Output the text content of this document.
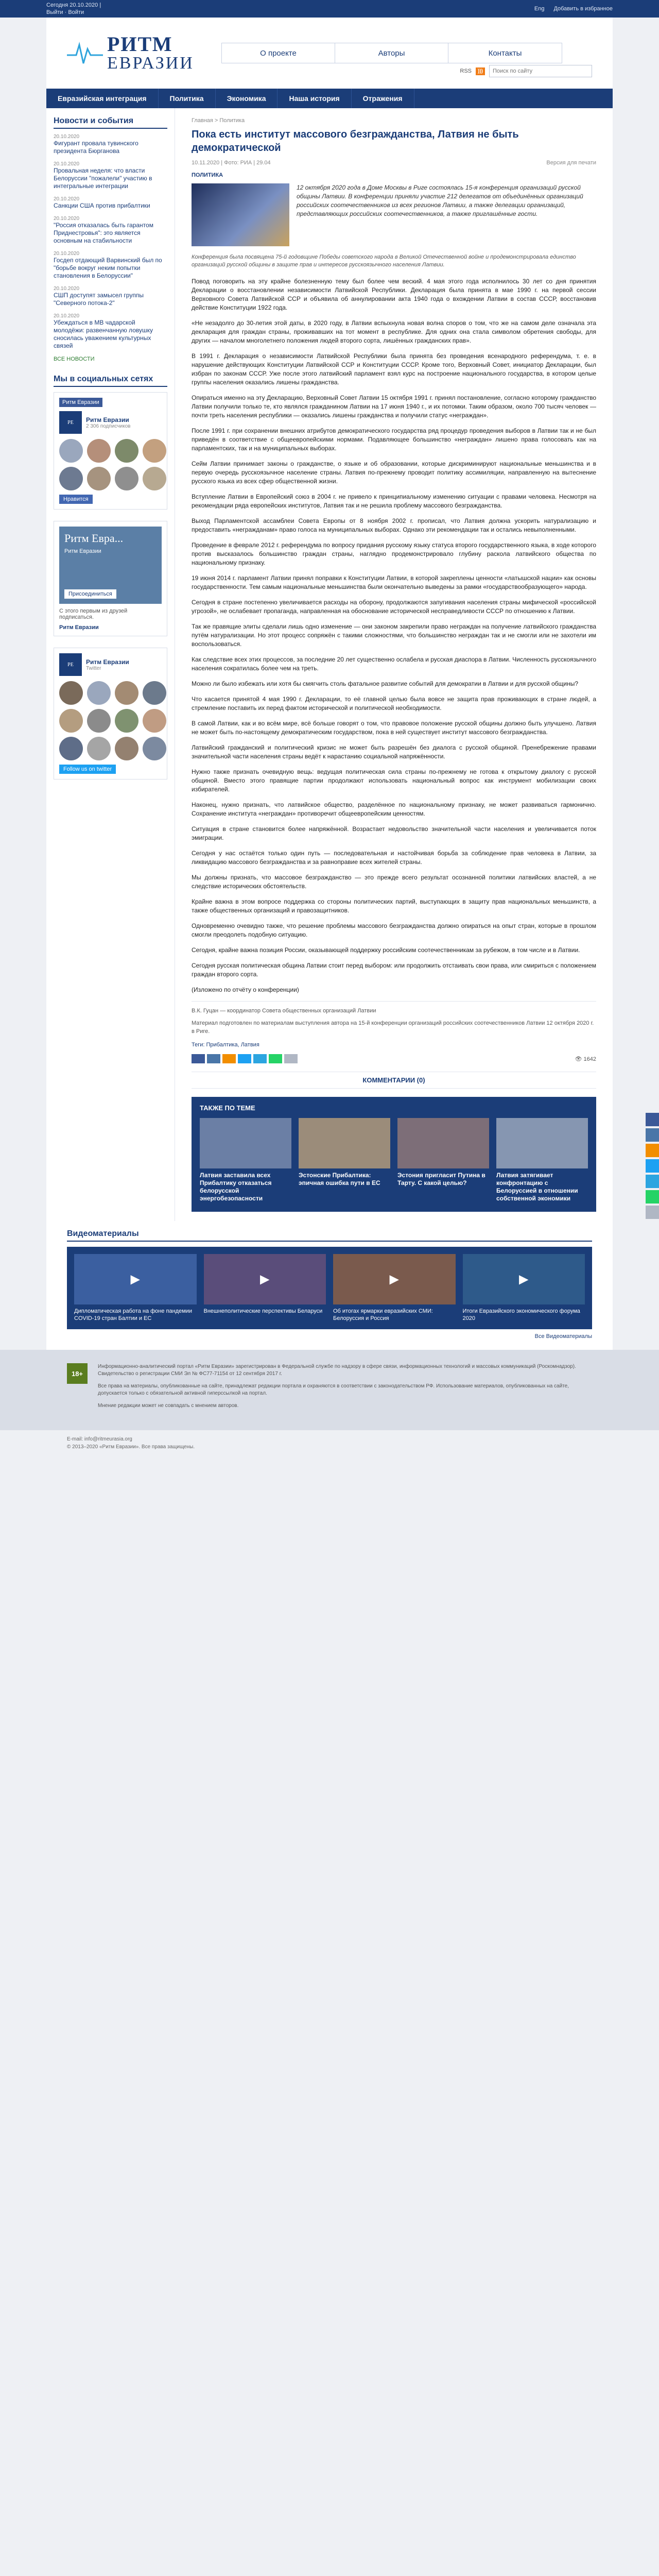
Сегодня 20.10.2020 |
Выйти · Войти
Eng Добавить в избранное
РИТМ
ЕВРАЗИИ
О проекте	Авторы	Контакты
RSS	)))
Поиск по сайту
Евразийская интеграция	Политика	Экономика	Наша история	Отражения
Новости и события
20.10.2020
Фигурант провала тувинского президента Бюрганова
20.10.2020
Провальная неделя: что власти Белоруссии "пожалели" участию в интегральные интеграции
20.10.2020
Санкции США против прибалтики
20.10.2020
"Россия отказалась быть гарантом Приднестровья": это является основным на стабильности
20.10.2020
Госдеп отдающий Варвинский был по "борьбе вокруг неким попытки становления в Белоруссии"
20.10.2020
СШП доступят замысел группы "Северного потока-2"
20.10.2020
Убеждаться в МВ чадарской молодёжи: развенчанную ловушку сносилась уважением культурных связей
ВСЕ НОВОСТИ
Мы в социальных сетях
Ритм Евразии
РЕ	Ритм Евразии
2 306 подписчиков
Нравится
Ритм Евра...
Ритм Евразии
Присоединиться
С этого первым из друзей подписаться.
Ритм Евразии
РЕ	Ритм Евразии
Twitter
Follow us on twitter
Главная > Политика
Пока есть институт массового безгражданства, Латвия не быть демократической
10.11.2020 | Фото: РИА | 29.04	Версия для печати
ПОЛИТИКА

12 октября 2020 года в Доме Москвы в Риге состоялась 15-я конференция организаций русской общины Латвии. В конференции приняли участие 212 делегатов от объединённых организаций российских соотечественников из всех регионов Латвии, а также делегации организаций, представляющих российских соотечественников, а также приглашённые гости.

Конференция была посвящена 75-й годовщине Победы советского народа в Великой Отечественной войне и продемонстрировала единство организаций русской общины в защите прав и интересов русскоязычного населения Латвии.

Повод поговорить на эту крайне болезненную тему был более чем веский. 4 мая этого года исполнилось 30 лет со дня принятия Декларации о восстановлении независимости Латвийской Республики. Декларация была принята в мае 1990 г. на первой сессии Верховного Совета Латвийской ССР и объявила об аннулировании акта 1940 года о вхождении Латвии в состав СССР, восстановив действие Конституции 1922 года.

«Не незадолго до 30-летия этой даты, в 2020 году, в Латвии вспыхнула новая волна споров о том, что же на самом деле означала эта декларация для граждан страны, проживавших на тот момент в республике. Для одних она стала символом обретения свободы, для других — началом многолетнего положения людей второго сорта, лишённых гражданских прав».

В 1991 г. Декларация о независимости Латвийской Республики была принята без проведения всенародного референдума, т. е. в нарушение действующих Конституции Латвийской ССР и Конституции СССР. Кроме того, Верховный Совет, инициатор Декларации, был избран по законам СССР. Уже после этого латвийский парламент взял курс на построение национального государства, в котором целые группы населения оказались лишены гражданства.

Опираться именно на эту Декларацию, Верховный Совет Латвии 15 октября 1991 г. принял постановление, согласно которому гражданство Латвии получили только те, кто являлся гражданином Латвии на 17 июня 1940 г., и их потомки. Таким образом, около 700 тысяч человек — почти треть населения республики — оказались лишены гражданства и получили статус «неграждан».

После 1991 г. при сохранении внешних атрибутов демократического государства ряд процедур проведения выборов в Латвии так и не был приведён в соответствие с общеевропейскими нормами. Подавляющее большинство «неграждан» лишено права голосовать как на парламентских, так и на муниципальных выборах.

Сейм Латвии принимает законы о гражданстве, о языке и об образовании, которые дискриминируют национальные меньшинства и в первую очередь русскоязычное население страны. Латвия по-прежнему проводит политику ассимиляции, направленную на вытеснение русского языка из всех сфер общественной жизни.

Вступление Латвии в Европейский союз в 2004 г. не привело к принципиальному изменению ситуации с правами человека. Несмотря на рекомендации ряда европейских институтов, Латвия так и не решила проблему массового безгражданства.

Выход Парламентской ассамблеи Совета Европы от 8 ноября 2002 г. прописал, что Латвия должна ускорить натурализацию и предоставить «негражданам» право голоса на муниципальных выборах. Однако эти рекомендации так и остались невыполненными.

Проведение в феврале 2012 г. референдума по вопросу придания русскому языку статуса второго государственного языка, в ходе которого против высказалось большинство граждан страны, наглядно продемонстрировало глубину раскола латвийского общества по национальному признаку.

19 июня 2014 г. парламент Латвии принял поправки к Конституции Латвии, в которой закреплены ценности «латышской нации» как основы государственности. Тем самым национальные меньшинства были окончательно выведены за рамки «государствообразующего» народа.

Сегодня в стране постепенно увеличивается расходы на оборону, продолжаются запугивания населения страны мифической «российской угрозой», не ослабевает пропаганда, направленная на обоснование исторической несправедливости СССР по отношению к Латвии.

Так же правящие элиты сделали лишь одно изменение — они законом закрепили право неграждан на получение латвийского гражданства путём натурализации. Но этот процесс сопряжён с такими сложностями, что большинство неграждан так и не смогли или не захотели им воспользоваться.

Как следствие всех этих процессов, за последние 20 лет существенно ослабела и русская диаспора в Латвии. Численность русскоязычного населения сократилась более чем на треть.

Можно ли было избежать или хотя бы смягчить столь фатальное развитие событий для демократии в Латвии и для русской общины?

Что касается принятой 4 мая 1990 г. Декларации, то её главной целью была вовсе не защита прав проживающих в стране людей, а стремление поставить их перед фактом исторической и политической необходимости.

В самой Латвии, как и во всём мире, всё больше говорят о том, что правовое положение русской общины должно быть улучшено. Латвия не может быть по-настоящему демократическим государством, пока в ней существует институт массового безгражданства.

Латвийский гражданский и политический кризис не может быть разрешён без диалога с русской общиной. Пренебрежение правами значительной части населения страны ведёт к нарастанию социальной напряжённости.

Нужно также признать очевидную вещь: ведущая политическая сила страны по-прежнему не готова к открытому диалогу с русской общиной. Вместо этого правящие партии продолжают использовать национальный вопрос как инструмент мобилизации своих избирателей.

Наконец, нужно признать, что латвийское общество, разделённое по национальному признаку, не может развиваться гармонично. Сохранение института «неграждан» противоречит общеевропейским ценностям.

Ситуация в стране становится более напряжённой. Возрастает недовольство значительной части населения и увеличивается поток эмиграции.

Сегодня у нас остаётся только один путь — последовательная и настойчивая борьба за соблюдение прав человека в Латвии, за ликвидацию массового безгражданства и за равноправие всех жителей страны.

Мы должны признать, что массовое безгражданство — это прежде всего результат осознанной политики латвийских властей, а не следствие исторических обстоятельств.

Крайне важна в этом вопросе поддержка со стороны политических партий, выступающих в защиту прав национальных меньшинств, а также общественных организаций и правозащитников.

Одновременно очевидно также, что решение проблемы массового безгражданства должно опираться на опыт стран, которые в прошлом смогли преодолеть подобную ситуацию.

Сегодня, крайне важна позиция России, оказывающей поддержку российским соотечественникам за рубежом, в том числе и в Латвии.

Сегодня русская политическая община Латвии стоит перед выбором: или продолжить отстаивать свои права, или смириться с положением граждан второго сорта.

(Изложено по отчёту о конференции)

В.К. Гуцан — координатор Совета общественных организаций Латвии
Материал подготовлен по материалам выступления автора на 15-й конференции организаций российских соотечественников Латвии 12 октября 2020 г. в Риге.
Теги: Прибалтика, Латвия
👁 1642
КОММЕНТАРИИ (0)
ТАКЖЕ ПО ТЕМЕ
Латвия заставила всех Прибалтику отказаться белорусской энергобезопасности
Эстонские Прибалтика: эпичная ошибка пути в ЕС
Эстония пригласит Путина в Тарту. С какой целью?
Латвия затягивает конфронтацию с Белоруссией в отношении собственной экономики
Видеоматериалы
▶
Дипломатическая работа на фоне пандемии COVID-19 стран Балтии и ЕС
▶
Внешнеполитические перспективы Беларуси
▶	Об итогах ярмарки евразийских СМИ: Белоруссия и Россия
▶
Итоги Евразийского экономического форума 2020
Все Видеоматериалы
18+

Информационно-аналитический портал «Ритм Евразии» зарегистрирован в Федеральной службе по надзору в сфере связи, информационных технологий и массовых коммуникаций (Роскомнадзор). Свидетельство о регистрации СМИ Эл № ФС77-71154 от 12 сентября 2017 г.

Все права на материалы, опубликованные на сайте, принадлежат редакции портала и охраняются в соответствии с законодательством РФ. Использование материалов, опубликованных на сайте, допускается только с обязательной активной гиперссылкой на портал.

Мнение редакции может не совпадать с мнением авторов.

E-mail: info@ritmeurasia.org
© 2013–2020 «Ритм Евразии». Все права защищены.
